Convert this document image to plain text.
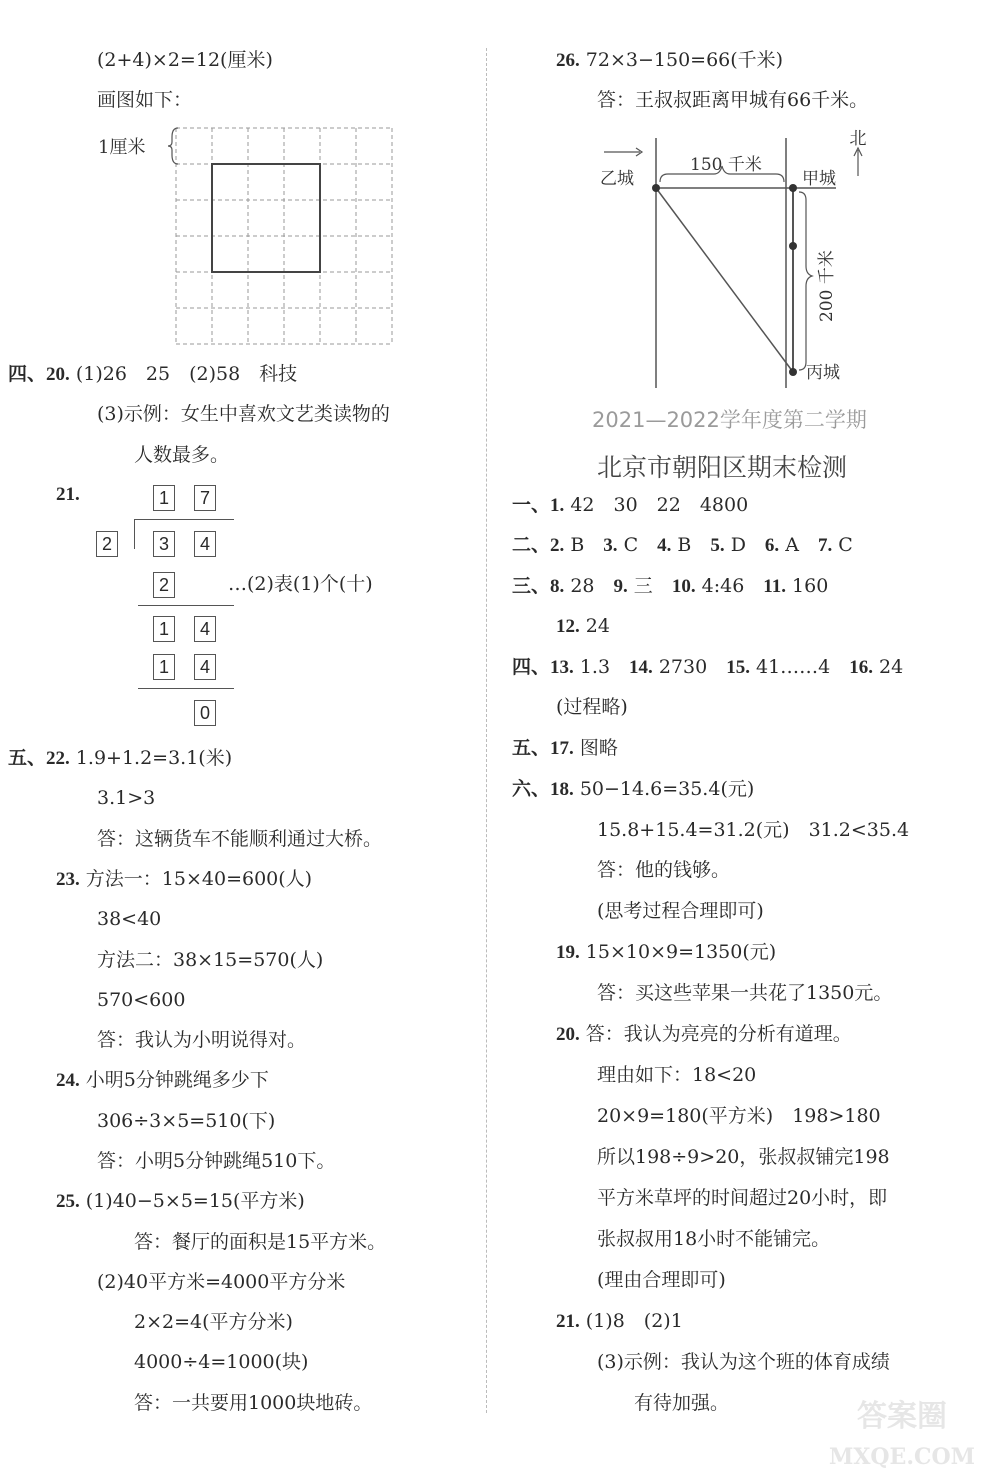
(2+4)×2=12(厘米)
画图如下：
1厘米
四、20. (1)26　25　(2)58　科技
(3)示例：女生中喜欢文艺类读物的
人数最多。
21.	1	7
2	3	4
2	…(2)表(1)个(十)
1	4
1	4
0
五、22. 1.9+1.2=3.1(米)
3.1>3
答：这辆货车不能顺利通过大桥。
23. 方法一：15×40=600(人)
38<40
方法二：38×15=570(人)
570<600
答：我认为小明说得对。
24. 小明5分钟跳绳多少下
306÷3×5=510(下)
答：小明5分钟跳绳510下。
25. (1)40−5×5=15(平方米)
答：餐厅的面积是15平方米。
(2)40平方米=4000平方分米
2×2=4(平方分米)
4000÷4=1000(块)
答：一共要用1000块地砖。
26. 72×3−150=66(千米)
答：王叔叔距离甲城有66千米。
150 千米
乙城	甲城
丙城
200 千米
北
2021—2022学年度第二学期
北京市朝阳区期末检测
一、1. 42　30　22　4800
二、2. B  3. C  4. B  5. D  6. A  7. C
三、8. 28  9. 三  10. 4:46  11. 160
12. 24
四、13. 1.3  14. 2730  15. 41……4  16. 24
(过程略)
五、17. 图略
六、18. 50−14.6=35.4(元)
15.8+15.4=31.2(元)　31.2<35.4
答：他的钱够。
(思考过程合理即可)
19. 15×10×9=1350(元)
答：买这些苹果一共花了1350元。
20. 答：我认为亮亮的分析有道理。
理由如下：18<20
20×9=180(平方米)　198>180
所以198÷9>20，张叔叔铺完198
平方米草坪的时间超过20小时，即
张叔叔用18小时不能铺完。
(理由合理即可)
21. (1)8　(2)1
(3)示例：我认为这个班的体育成绩
有待加强。	答案圈
MXQE.COM
